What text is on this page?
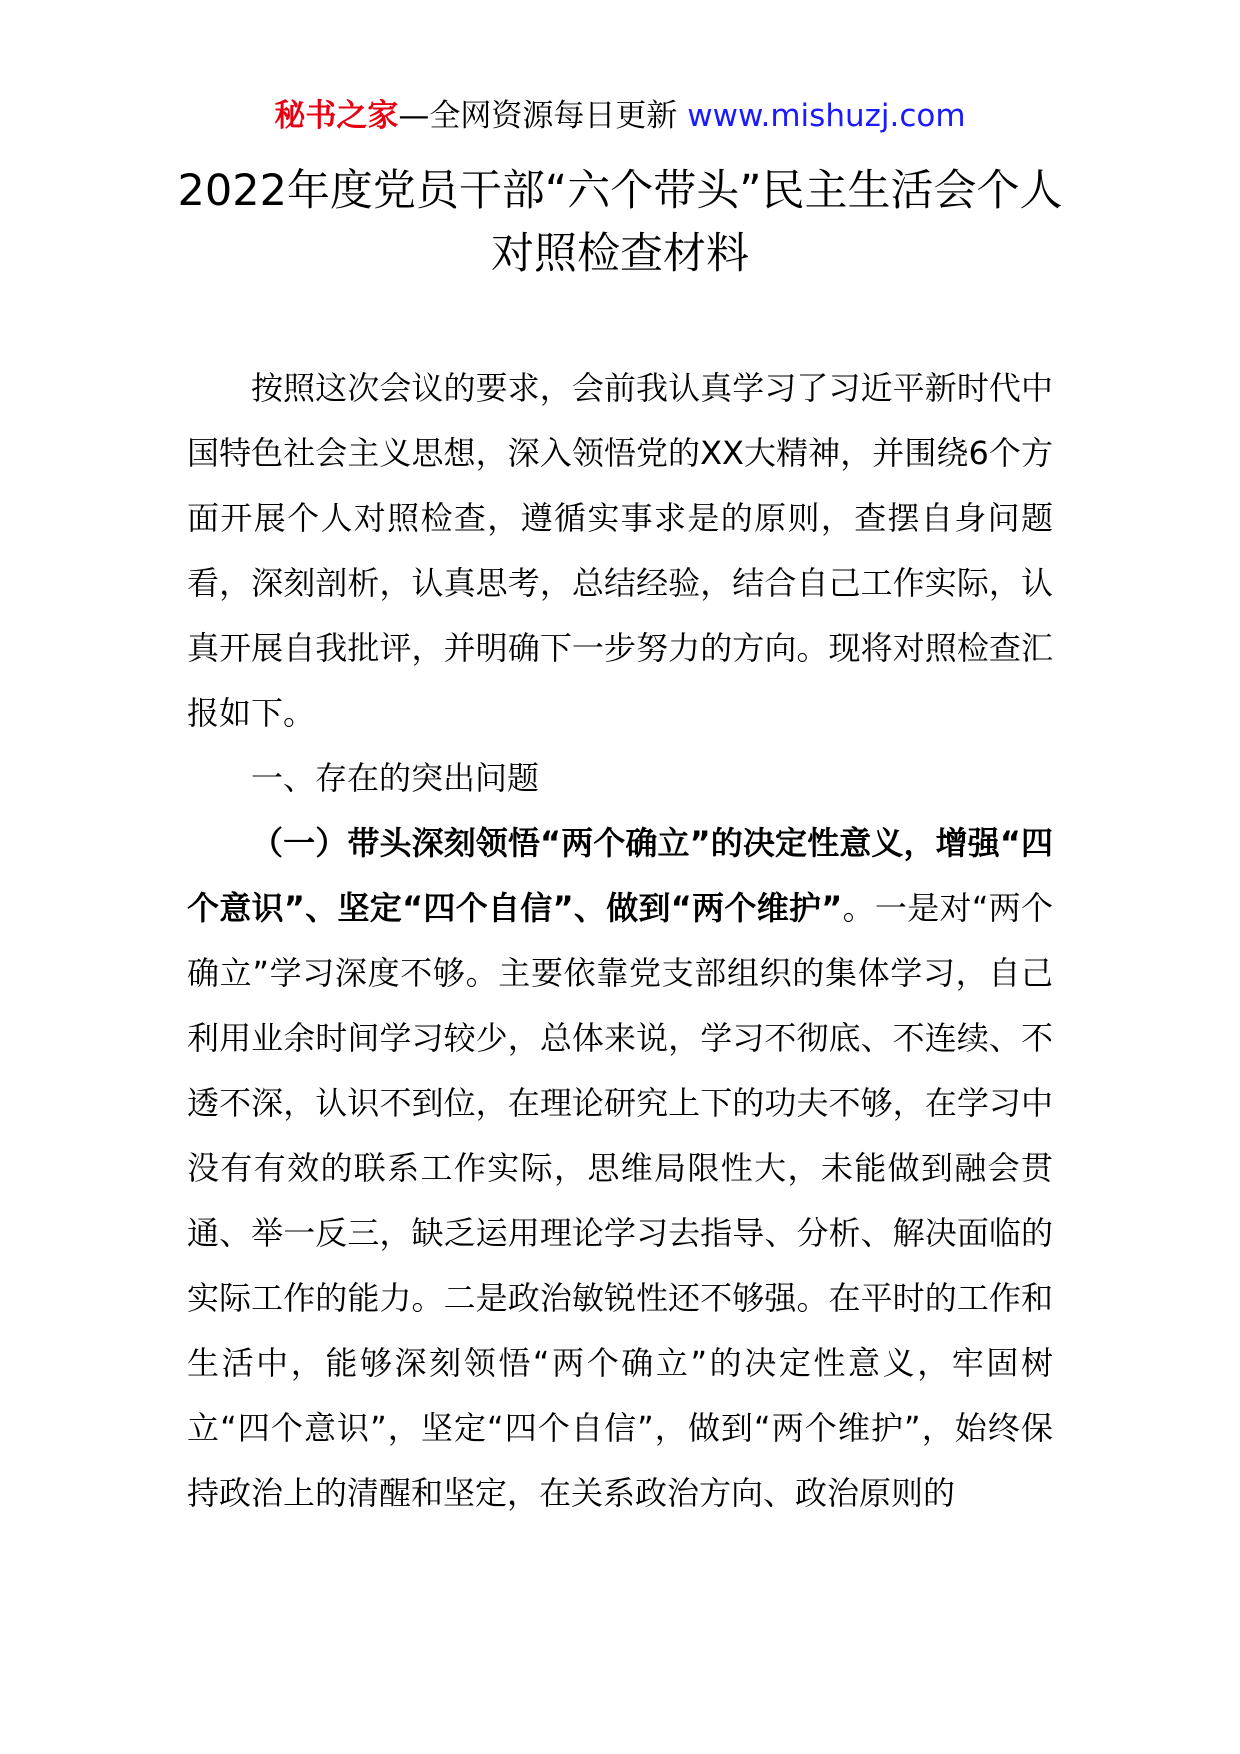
秘书之家—全网资源每日更新 www.mishuzj.com
2022年度党员干部“六个带头”民主生活会个人对照检查材料

按照这次会议的要求，会前我认真学习了习近平新时代中国特色社会主义思想，深入领悟党的XX大精神，并围绕6个方面开展个人对照检查，遵循实事求是的原则，查摆自身问题看，深刻剖析，认真思考，总结经验，结合自己工作实际，认真开展自我批评，并明确下一步努力的方向。现将对照检查汇报如下。

一、存在的突出问题

（一）带头深刻领悟“两个确立”的决定性意义，增强“四个意识”、坚定“四个自信”、做到“两个维护”。一是对“两个确立”学习深度不够。主要依靠党支部组织的集体学习，自己利用业余时间学习较少，总体来说，学习不彻底、不连续、不透不深，认识不到位，在理论研究上下的功夫不够，在学习中没有有效的联系工作实际，思维局限性大，未能做到融会贯通、举一反三，缺乏运用理论学习去指导、分析、解决面临的实际工作的能力。二是政治敏锐性还不够强。在平时的工作和生活中，能够深刻领悟“两个确立”的决定性意义，牢固树立“四个意识”，坚定“四个自信”，做到“两个维护”，始终保持政治上的清醒和坚定，在关系政治方向、政治原则的
